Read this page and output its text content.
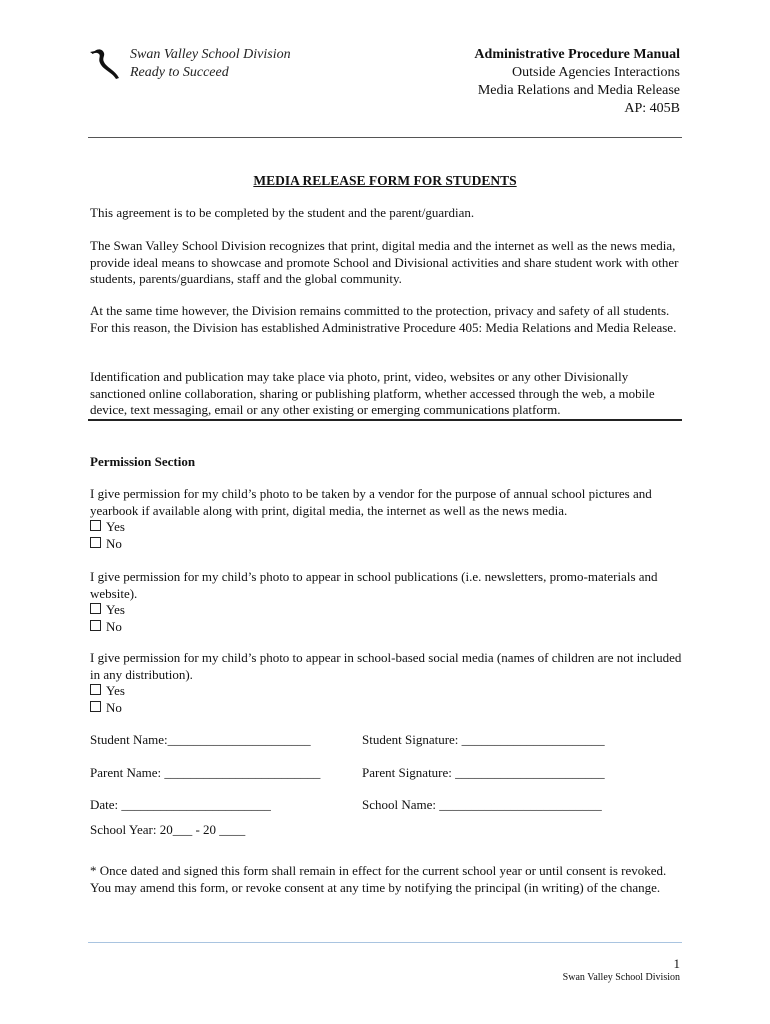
Swan Valley School Division
Ready to Succeed
Administrative Procedure Manual
Outside Agencies Interactions
Media Relations and Media Release
AP: 405B
MEDIA RELEASE FORM FOR STUDENTS
This agreement is to be completed by the student and the parent/guardian.
The Swan Valley School Division recognizes that print, digital media and the internet as well as the news media, provide ideal means to showcase and promote School and Divisional activities and share student work with other students, parents/guardians, staff and the global community.
At the same time however, the Division remains committed to the protection, privacy and safety of all students. For this reason, the Division has established Administrative Procedure 405: Media Relations and Media Release.
Identification and publication may take place via photo, print, video, websites or any other Divisionally sanctioned online collaboration, sharing or publishing platform, whether accessed through the web, a mobile device, text messaging, email or any other existing or emerging communications platform.
Permission Section
I give permission for my child’s photo to be taken by a vendor for the purpose of annual school pictures and yearbook if available along with print, digital media, the internet as well as the news media.
Yes
No
I give permission for my child’s photo to appear in school publications (i.e. newsletters, promo-materials and website).
Yes
No
I give permission for my child’s photo to appear in school-based social media (names of children are not included in any distribution).
Yes
No
Student Name:______________________	Student Signature: ______________________
Parent Name: ________________________	Parent Signature: _______________________
Date: _______________________	School Name: _________________________
School Year: 20___ - 20 ____
* Once dated and signed this form shall remain in effect for the current school year or until consent is revoked. You may amend this form, or revoke consent at any time by notifying the principal (in writing) of the change.
1
Swan Valley School Division
